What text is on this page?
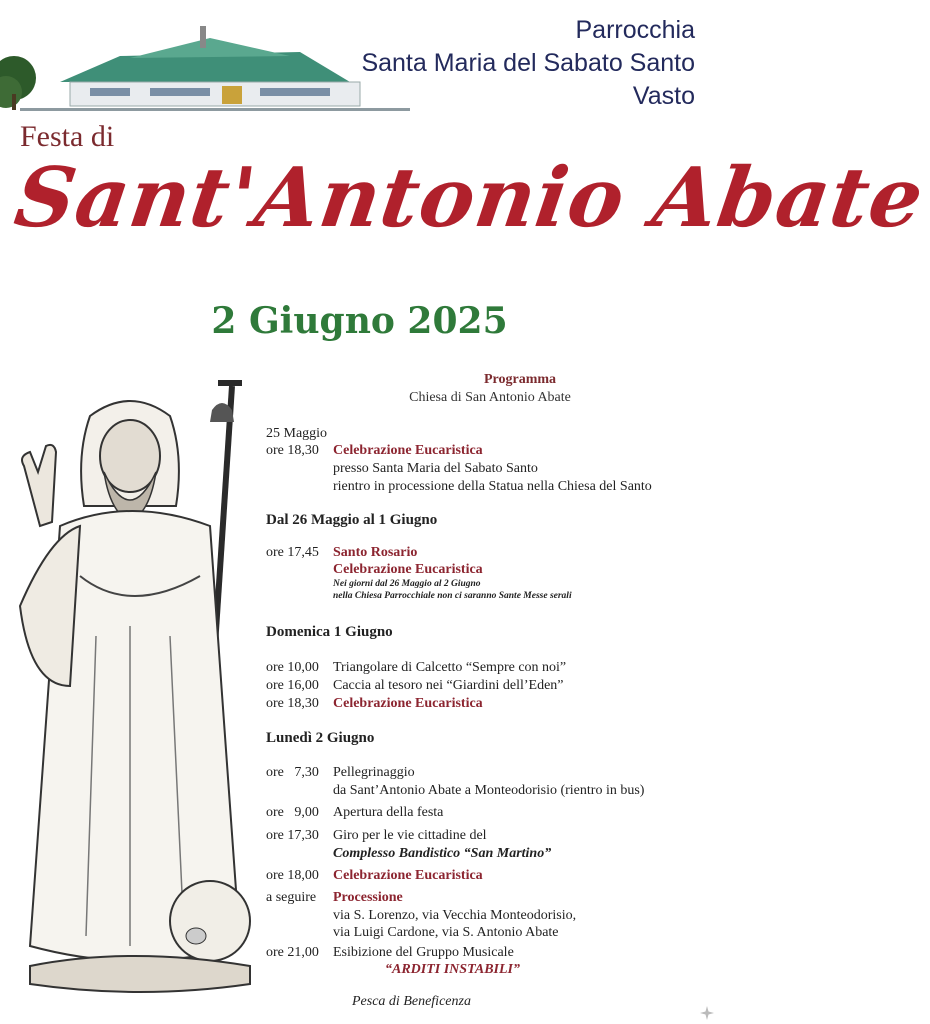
Parrocchia
Santa Maria del Sabato Santo
Vasto
Festa di
Sant'Antonio Abate
2 Giugno 2025
Programma
Chiesa di San Antonio Abate
25 Maggio
ore 18,30 Celebrazione Eucaristica
presso Santa Maria del Sabato Santo
rientro in processione della Statua nella Chiesa del Santo
Dal 26 Maggio al 1 Giugno
ore 17,45 Santo Rosario
Celebrazione Eucaristica
Nei giorni dal 26 Maggio al 2 Giugno
nella Chiesa Parrocchiale non ci saranno Sante Messe serali
Domenica 1 Giugno
ore 10,00 Triangolare di Calcetto “Sempre con noi”
ore 16,00 Caccia al tesoro nei “Giardini dell’Eden”
ore 18,30 Celebrazione Eucaristica
Lunedì 2 Giugno
ore   7,30 Pellegrinaggio
da Sant’Antonio Abate a Monteodorisio (rientro in bus)
ore   9,00 Apertura della festa
ore 17,30 Giro per le vie cittadine del
Complesso Bandistico “San Martino”
ore 18,00 Celebrazione Eucaristica
a seguire Processione
via S. Lorenzo, via Vecchia Monteodorisio,
via Luigi Cardone, via S. Antonio Abate
ore 21,00 Esibizione del Gruppo Musicale
“ARDITI INSTABILI”
Pesca di Beneficenza
